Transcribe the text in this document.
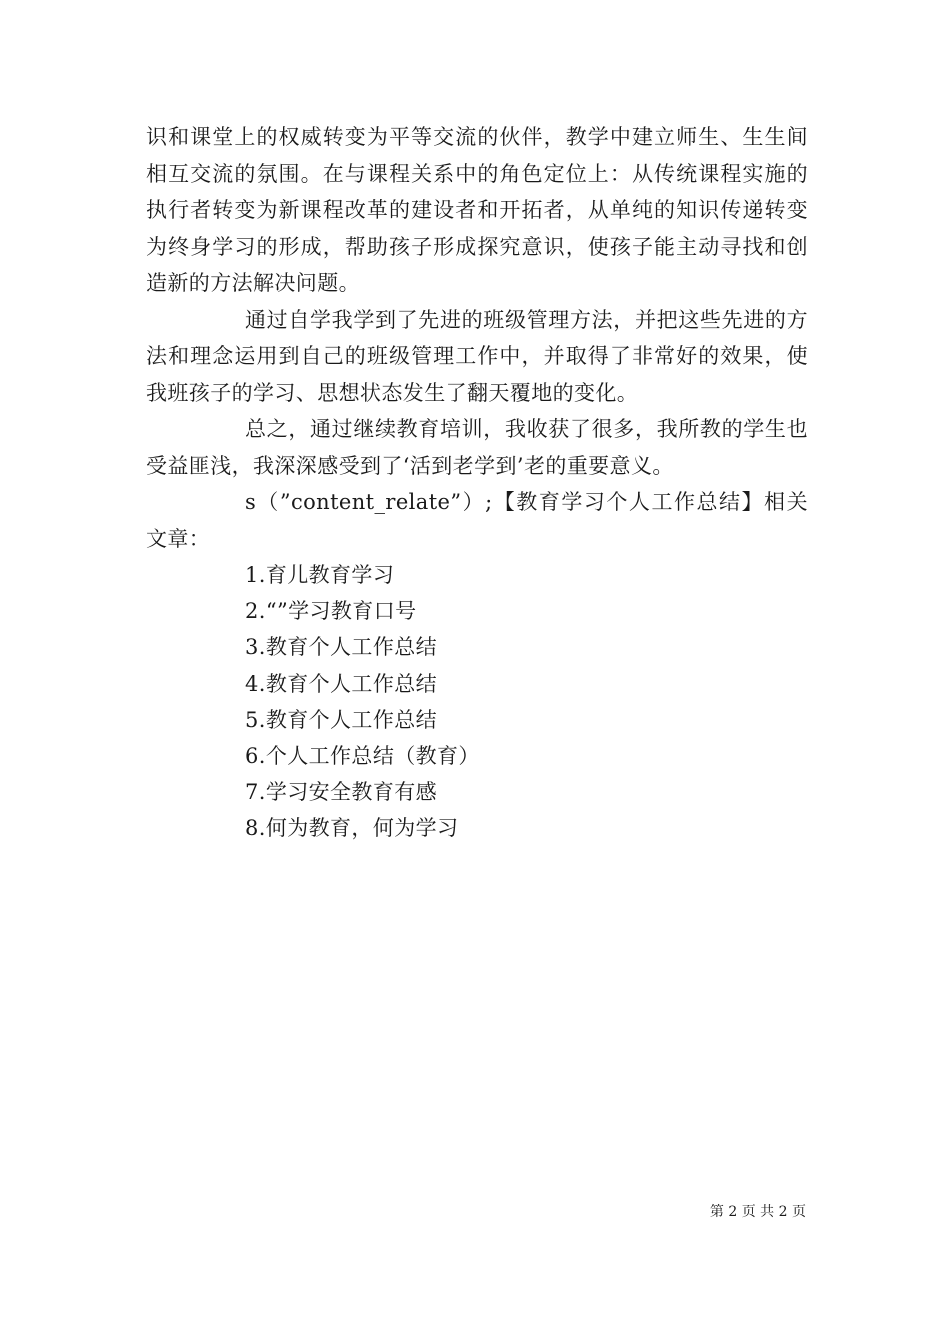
识和课堂上的权威转变为平等交流的伙伴，教学中建立师生、生生间相互交流的氛围。在与课程关系中的角色定位上：从传统课程实施的执行者转变为新课程改革的建设者和开拓者，从单纯的知识传递转变为终身学习的形成，帮助孩子形成探究意识，使孩子能主动寻找和创造新的方法解决问题。

通过自学我学到了先进的班级管理方法，并把这些先进的方法和理念运用到自己的班级管理工作中，并取得了非常好的效果，使我班孩子的学习、思想状态发生了翻天覆地的变化。

总之，通过继续教育培训，我收获了很多，我所教的学生也受益匪浅，我深深感受到了‘活到老学到’老的重要意义。

s（”content_relate”）;【教育学习个人工作总结】相关文章：

1.育儿教育学习
2.“”学习教育口号
3.教育个人工作总结
4.教育个人工作总结
5.教育个人工作总结
6.个人工作总结（教育）
7.学习安全教育有感
8.何为教育，何为学习
第 2 页 共 2 页
